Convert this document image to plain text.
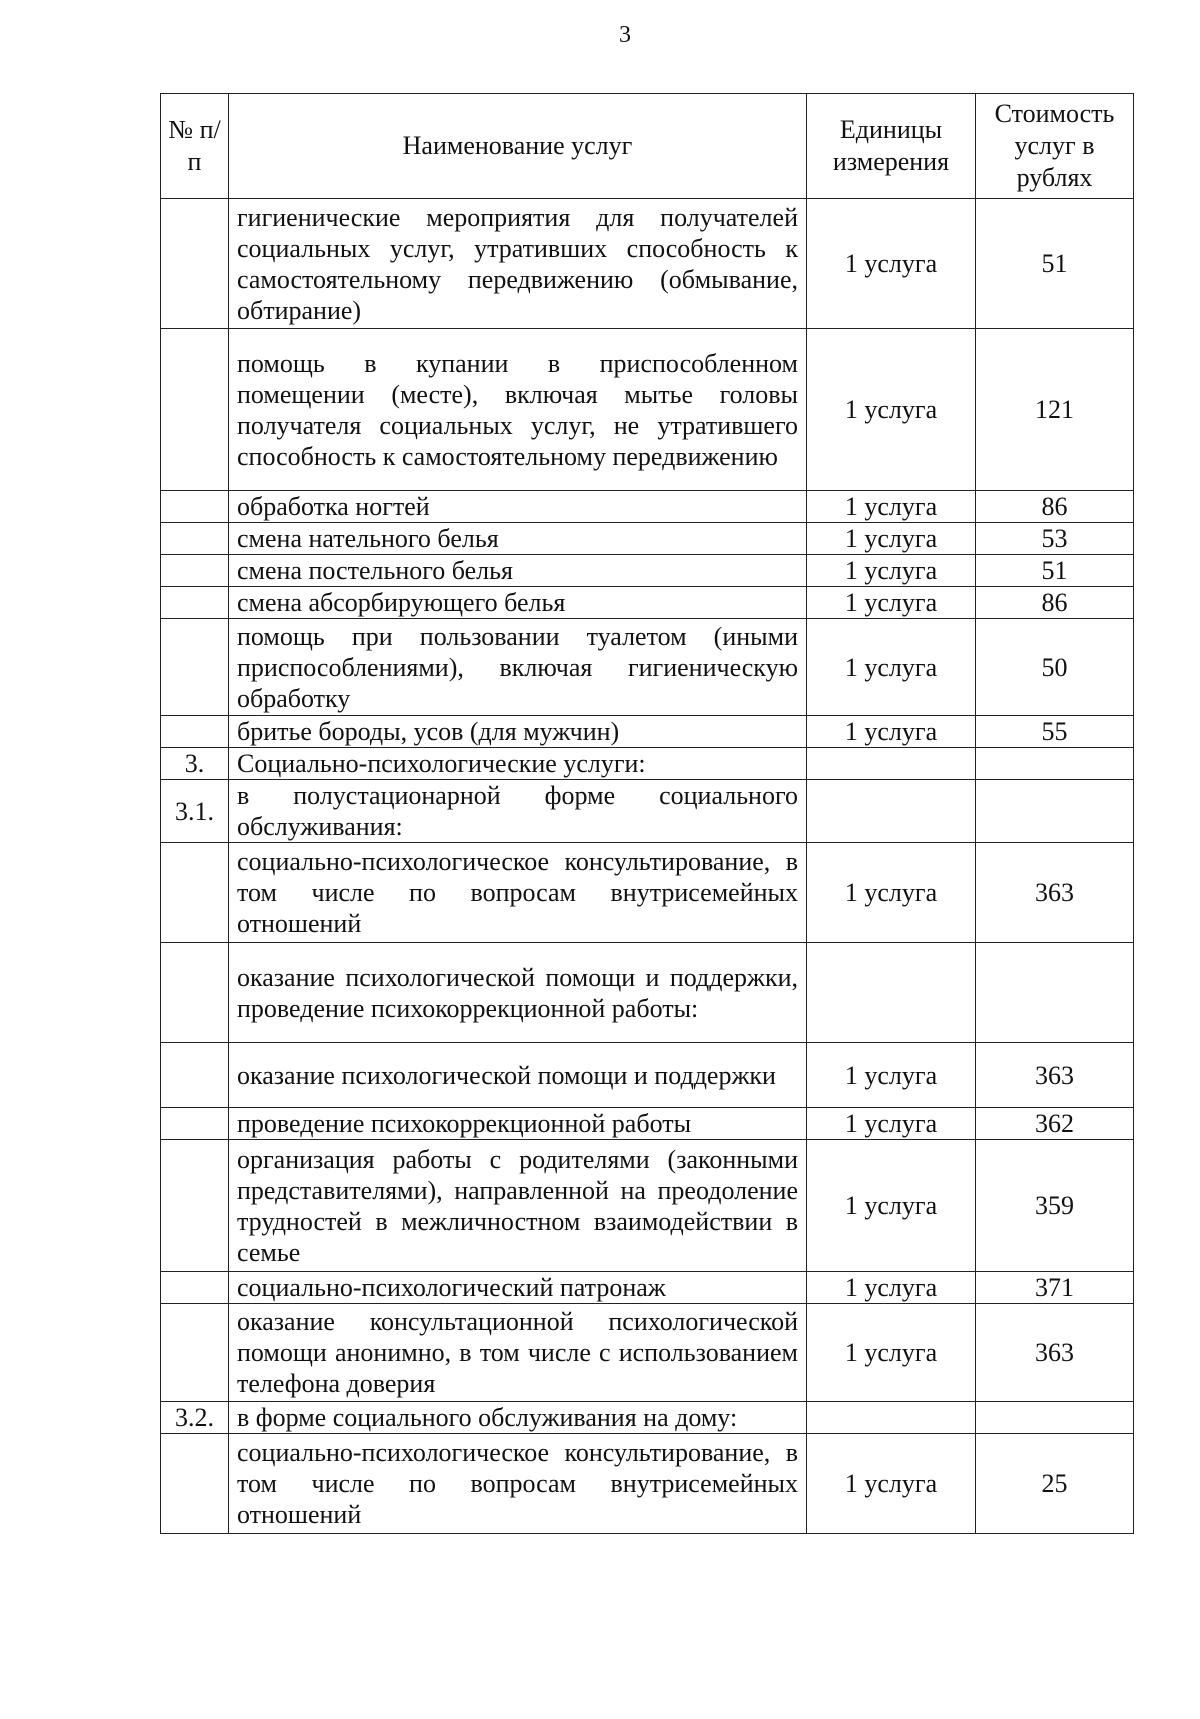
3
№ п/п	Наименование услуг	Единицы измерения	Стоимость услуг в рублях
	гигиенические мероприятия для получателей социальных услуг, утративших способность к самостоятельному передвижению (обмывание, обтирание)	1 услуга	51
	помощь в купании в приспособленном помещении (месте), включая мытье головы получателя социальных услуг, не утратившего способность к самостоятельному передвижению	1 услуга	121
	обработка ногтей	1 услуга	86
	смена нательного белья	1 услуга	53
	смена постельного белья	1 услуга	51
	смена абсорбирующего белья	1 услуга	86
	помощь при пользовании туалетом (иными приспособлениями), включая гигиеническую обработку	1 услуга	50
	бритье бороды, усов (для мужчин)	1 услуга	55
3.	Социально-психологические услуги:		
3.1.	в полустационарной форме социального обслуживания:		
	социально-психологическое консультирование, в том числе по вопросам внутрисемейных отношений	1 услуга	363
	оказание психологической помощи и поддержки, проведение психокоррекционной работы:		
	оказание психологической помощи и поддержки	1 услуга	363
	проведение психокоррекционной работы	1 услуга	362
	организация работы с родителями (законными представителями), направленной на преодоление трудностей в межличностном взаимодействии в семье	1 услуга	359
	социально-психологический патронаж	1 услуга	371
	оказание консультационной психологической помощи анонимно, в том числе с использованием телефона доверия	1 услуга	363
3.2.	в форме социального обслуживания на дому:		
	социально-психологическое консультирование, в том числе по вопросам внутрисемейных отношений	1 услуга	25
